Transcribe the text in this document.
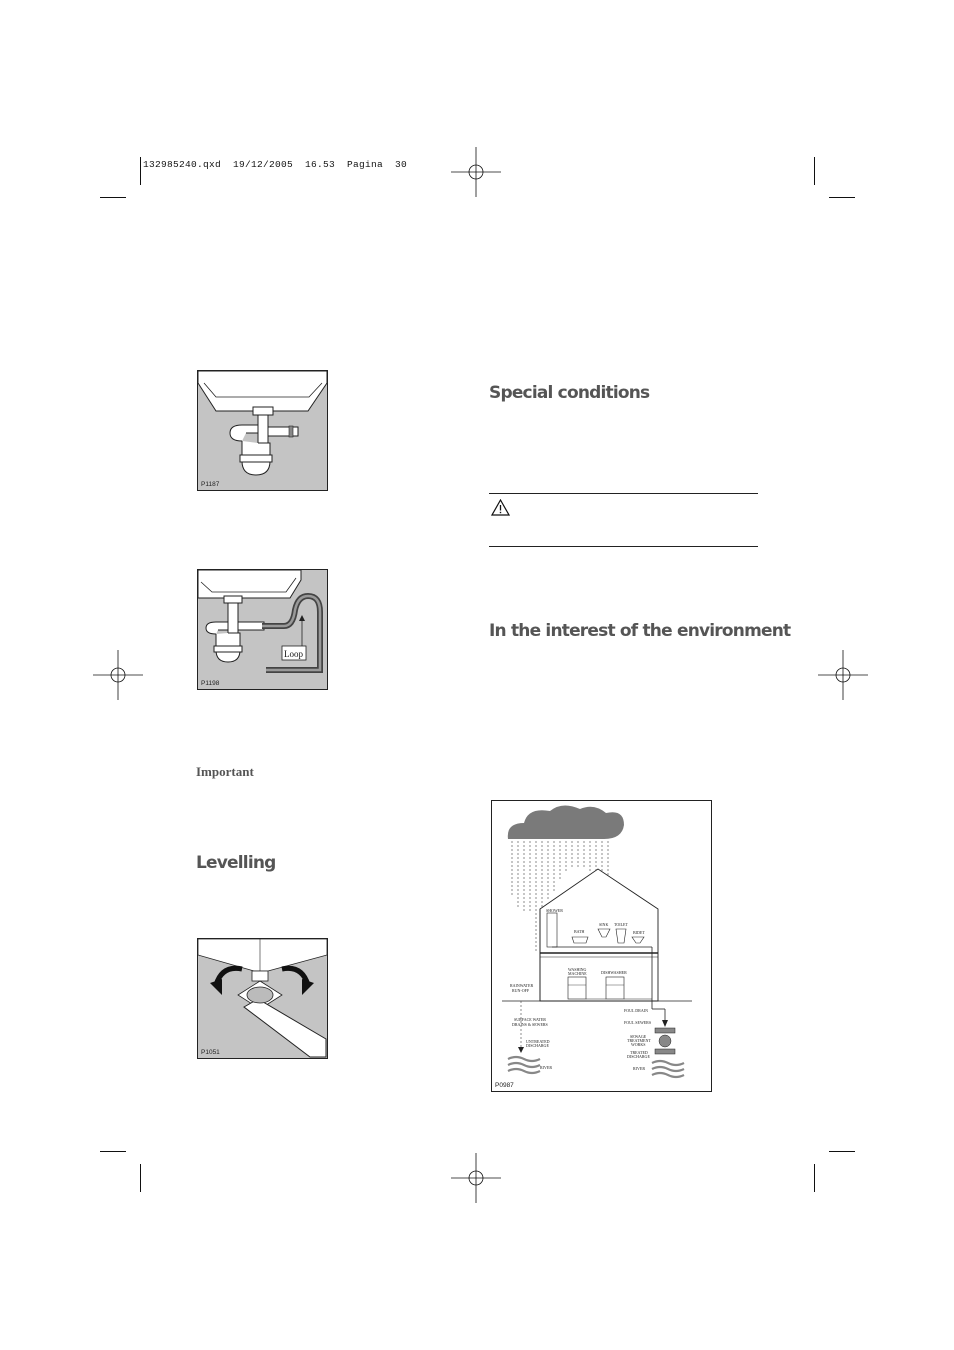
132985240.qxd  19/12/2005  16.53  Pagina  30
P1187
Loop
P1198
Important
Levelling
P1051
Special conditions
In the interest of the environment
SHOWER
SINK TOILET
BATH	BIDET
WASHING
MACHINE	DISHWASHER
RAINWATER
RUN-OFF
FOUL DRAIN
FOUL SEWERS
SURFACE WATER
DRAINS & SEWERS
SEWAGE
TREATMENT
WORKS
UNTREATED
DISCHARGE
TREATED
DISCHARGE
RIVER	RIVER
P0987
